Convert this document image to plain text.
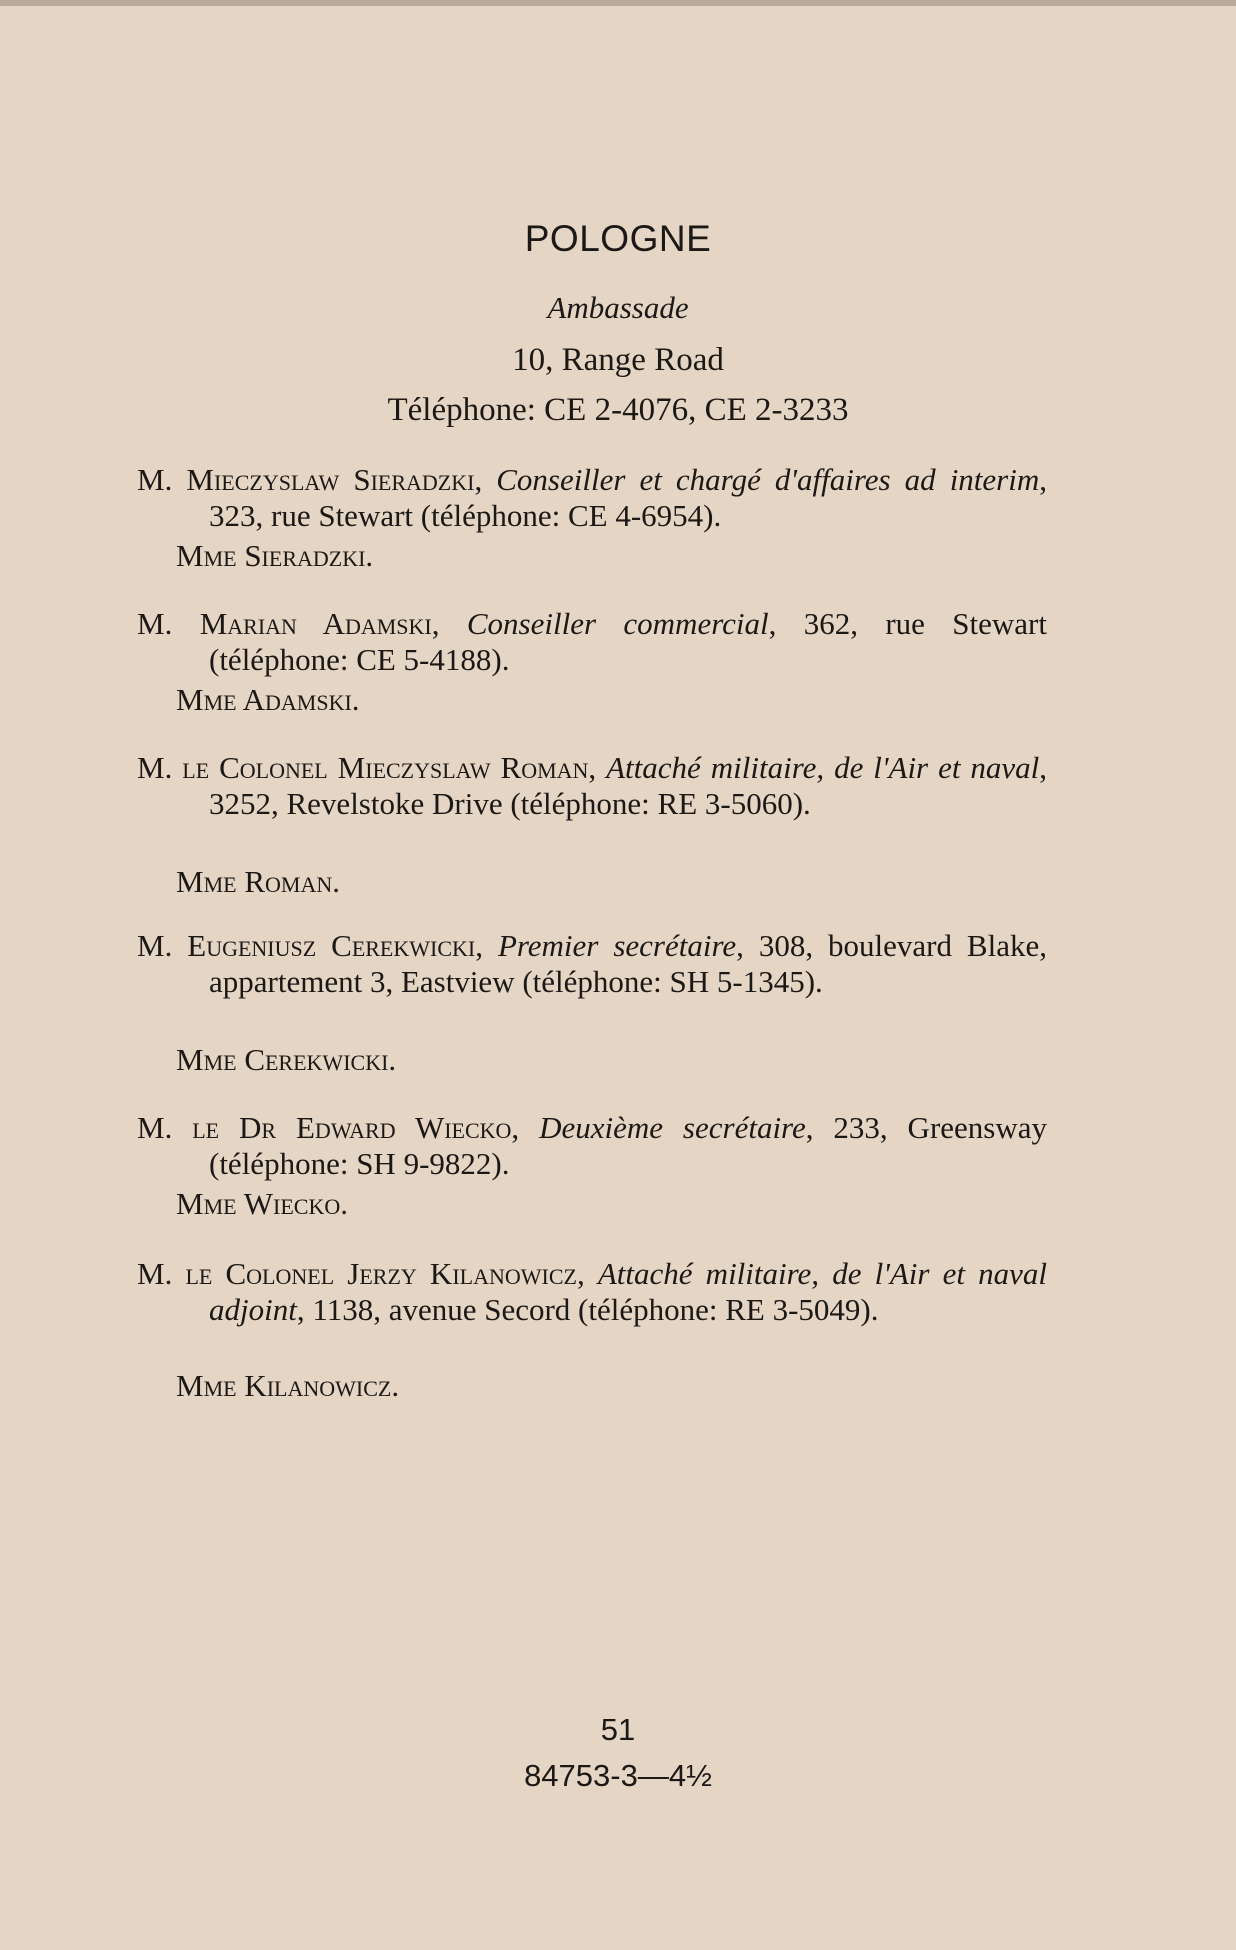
POLOGNE
Ambassade
10, Range Road
Téléphone: CE 2-4076, CE 2-3233
M. Mieczyslaw Sieradzki, Conseiller et chargé d'affaires ad interim, 323, rue Stewart (téléphone: CE 4-6954).
Mme Sieradzki.
M. Marian Adamski, Conseiller commercial, 362, rue Stewart (téléphone: CE 5-4188).
Mme Adamski.
M. le Colonel Mieczyslaw Roman, Attaché militaire, de l'Air et naval, 3252, Revelstoke Drive (téléphone: RE 3-5060).
Mme Roman.
M. Eugeniusz Cerekwicki, Premier secrétaire, 308, boulevard Blake, appartement 3, Eastview (téléphone: SH 5-1345).
Mme Cerekwicki.
M. le Dr Edward Wiecko, Deuxième secrétaire, 233, Greensway (téléphone: SH 9-9822).
Mme Wiecko.
M. le Colonel Jerzy Kilanowicz, Attaché militaire, de l'Air et naval adjoint, 1138, avenue Secord (téléphone: RE 3-5049).
Mme Kilanowicz.
51
84753-3—4½
